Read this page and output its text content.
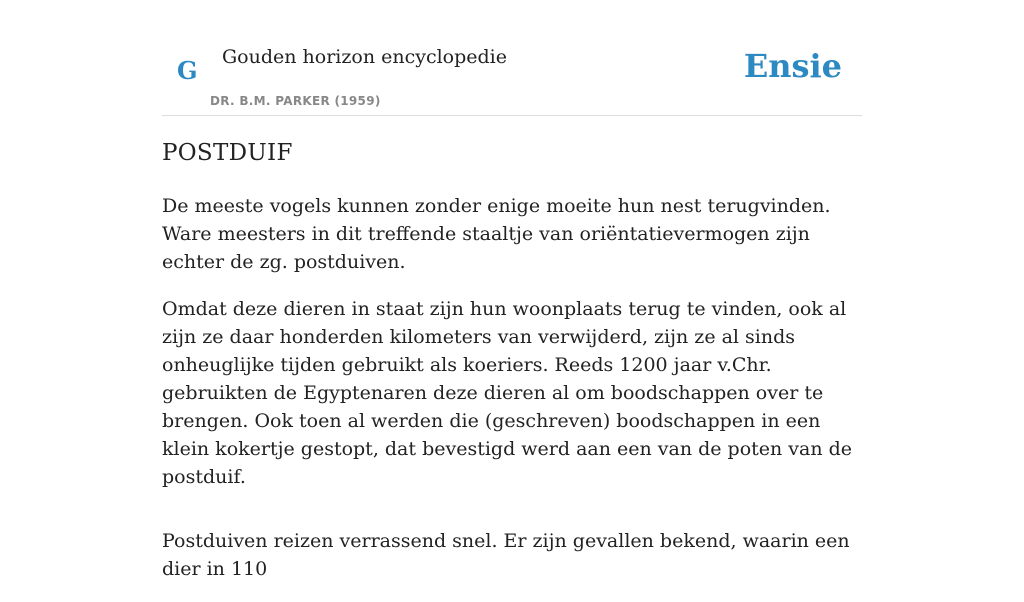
G Gouden horizon encyclopedie
DR. B.M. PARKER (1959)
Ensie
POSTDUIF

De meeste vogels kunnen zonder enige moeite hun nest terugvinden. Ware meesters in dit treffende staaltje van oriëntatievermogen zijn echter de zg. postduiven.

Omdat deze dieren in staat zijn hun woonplaats terug te vinden, ook al zijn ze daar honderden kilometers van verwijderd, zijn ze al sinds onheuglijke tijden gebruikt als koeriers. Reeds 1200 jaar v.Chr. gebruikten de Egyptenaren deze dieren al om boodschappen over te brengen. Ook toen al werden die (geschreven) boodschappen in een klein kokertje gestopt, dat bevestigd werd aan een van de poten van de postduif.

Postduiven reizen verrassend snel. Er zijn gevallen bekend, waarin een dier in 110
